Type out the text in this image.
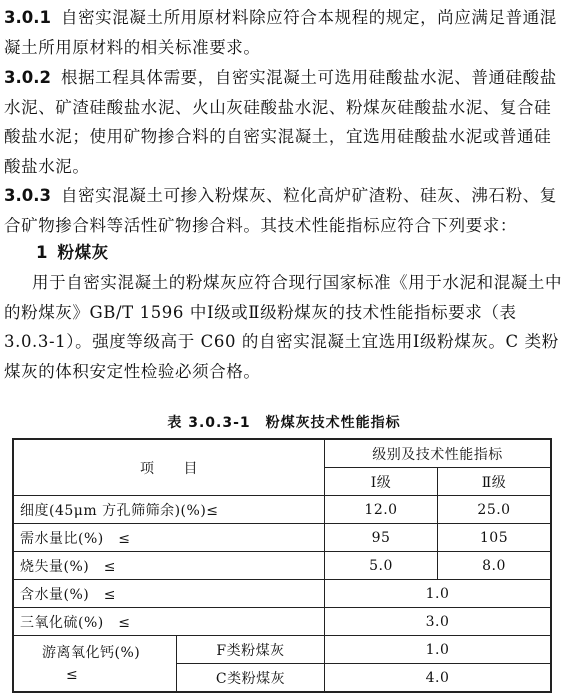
3.0.1 自密实混凝土所用原材料除应符合本规程的规定，尚应满足普通混凝土所用原材料的相关标准要求。
3.0.2 根据工程具体需要，自密实混凝土可选用硅酸盐水泥、普通硅酸盐水泥、矿渣硅酸盐水泥、火山灰硅酸盐水泥、粉煤灰硅酸盐水泥、复合硅酸盐水泥；使用矿物掺合料的自密实混凝土，宜选用硅酸盐水泥或普通硅酸盐水泥。
3.0.3 自密实混凝土可掺入粉煤灰、粒化高炉矿渣粉、硅灰、沸石粉、复合矿物掺合料等活性矿物掺合料。其技术性能指标应符合下列要求：
1 粉煤灰
用于自密实混凝土的粉煤灰应符合现行国家标准《用于水泥和混凝土中的粉煤灰》GB/T 1596 中Ⅰ级或Ⅱ级粉煤灰的技术性能指标要求（表 3.0.3-1）。强度等级高于 C60 的自密实混凝土宜选用Ⅰ级粉煤灰。C 类粉煤灰的体积安定性检验必须合格。
表 3.0.3-1　粉煤灰技术性能指标
项　　目		级别及技术性能指标	
		Ⅰ级	Ⅱ级
细度(45μm 方孔筛筛余)(%)≤		12.0	25.0
需水量比(%)　≤		95	105
烧失量(%)　≤		5.0	8.0
含水量(%)　≤		1.0	
三氧化硫(%)　≤		3.0	

游离氧化钙(%)
≤	F类粉煤灰	1.0	
	C类粉煤灰	4.0	
